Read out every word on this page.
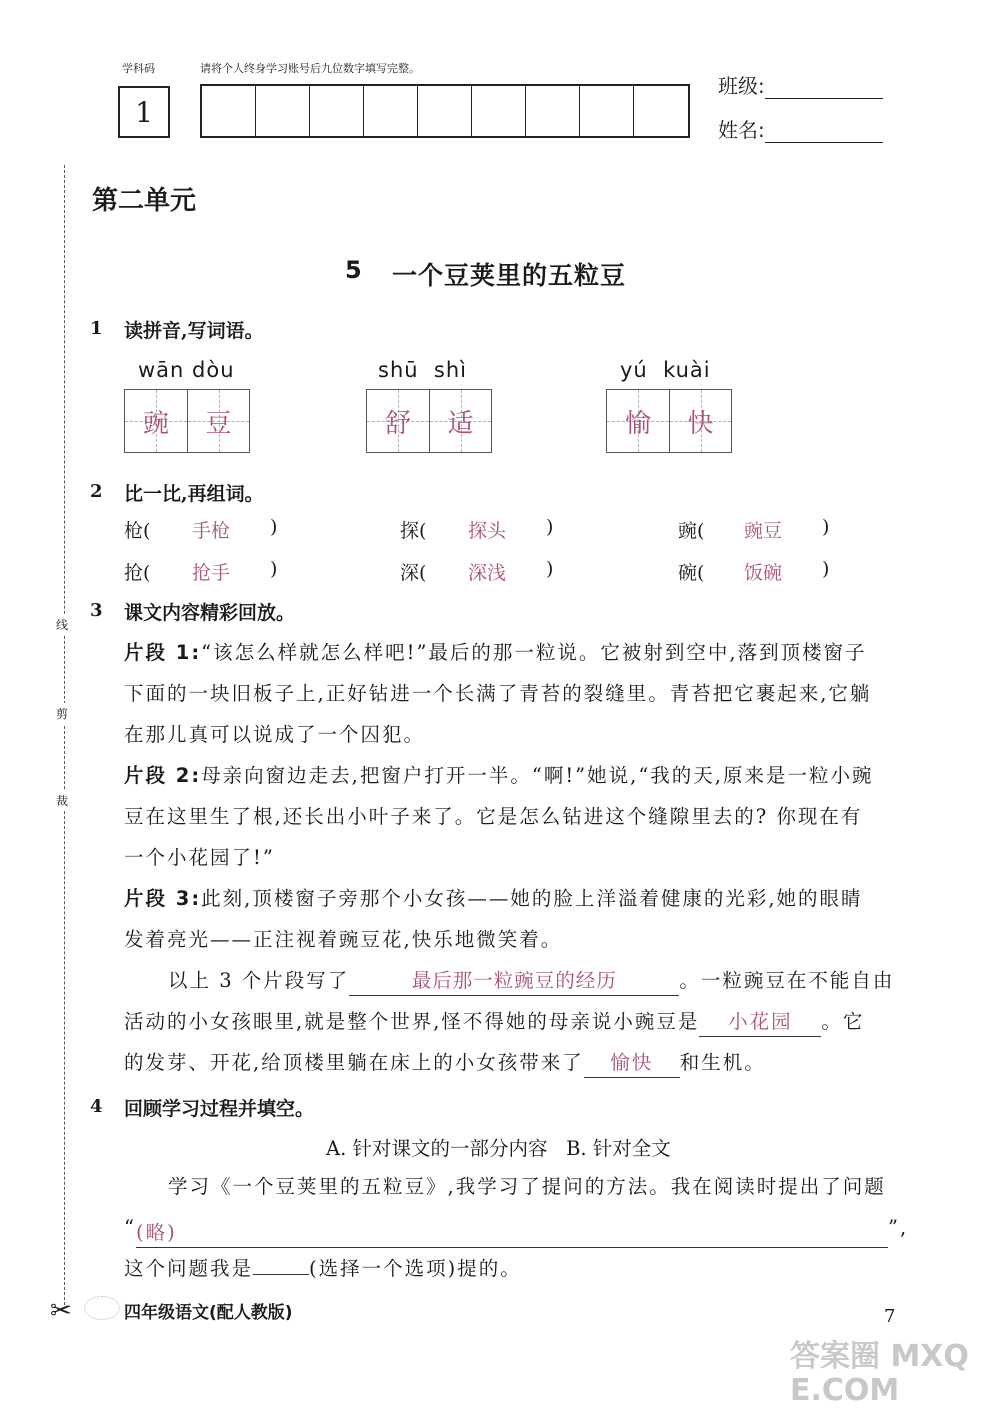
学科码	请将个人终身学习账号后九位数字填写完整。
1
班级:
姓名:
线
剪
裁
✂
第二单元
5 一个豆荚里的五粒豆
1 读拼音,写词语。
wān dòu
豌 豆
shū  shì
舒 适
yú  kuài
愉 快
2 比一比,再组词。
枪( 手枪 )	探( 探头 )	豌( 豌豆 )
抢( 抢手 )	深( 深浅 )	碗( 饭碗 )
3 课文内容精彩回放。
片段 1:“该怎么样就怎么样吧!”最后的那一粒说。它被射到空中,落到顶楼窗子
下面的一块旧板子上,正好钻进一个长满了青苔的裂缝里。青苔把它裹起来,它躺
在那儿真可以说成了一个囚犯。
片段 2:母亲向窗边走去,把窗户打开一半。“啊!”她说,“我的天,原来是一粒小豌
豆在这里生了根,还长出小叶子来了。它是怎么钻进这个缝隙里去的? 你现在有
一个小花园了!”
片段 3:此刻,顶楼窗子旁那个小女孩——她的脸上洋溢着健康的光彩,她的眼睛
发着亮光——正注视着豌豆花,快乐地微笑着。
以上 3 个片段写了	最后那一粒豌豆的经历	。一粒豌豆在不能自由
活动的小女孩眼里,就是整个世界,怪不得她的母亲说小豌豆是 小花园 。它
的发芽、开花,给顶楼里躺在床上的小女孩带来了 愉快 和生机。
4 回顾学习过程并填空。
A. 针对课文的一部分内容   B. 针对全文
学习《一个豆荚里的五粒豆》,我学习了提问的方法。我在阅读时提出了问题
“ (略)	”,
这个问题我是	(选择一个选项)提的。
四年级语文(配人教版)	7
答案圈 MXQE.COM
